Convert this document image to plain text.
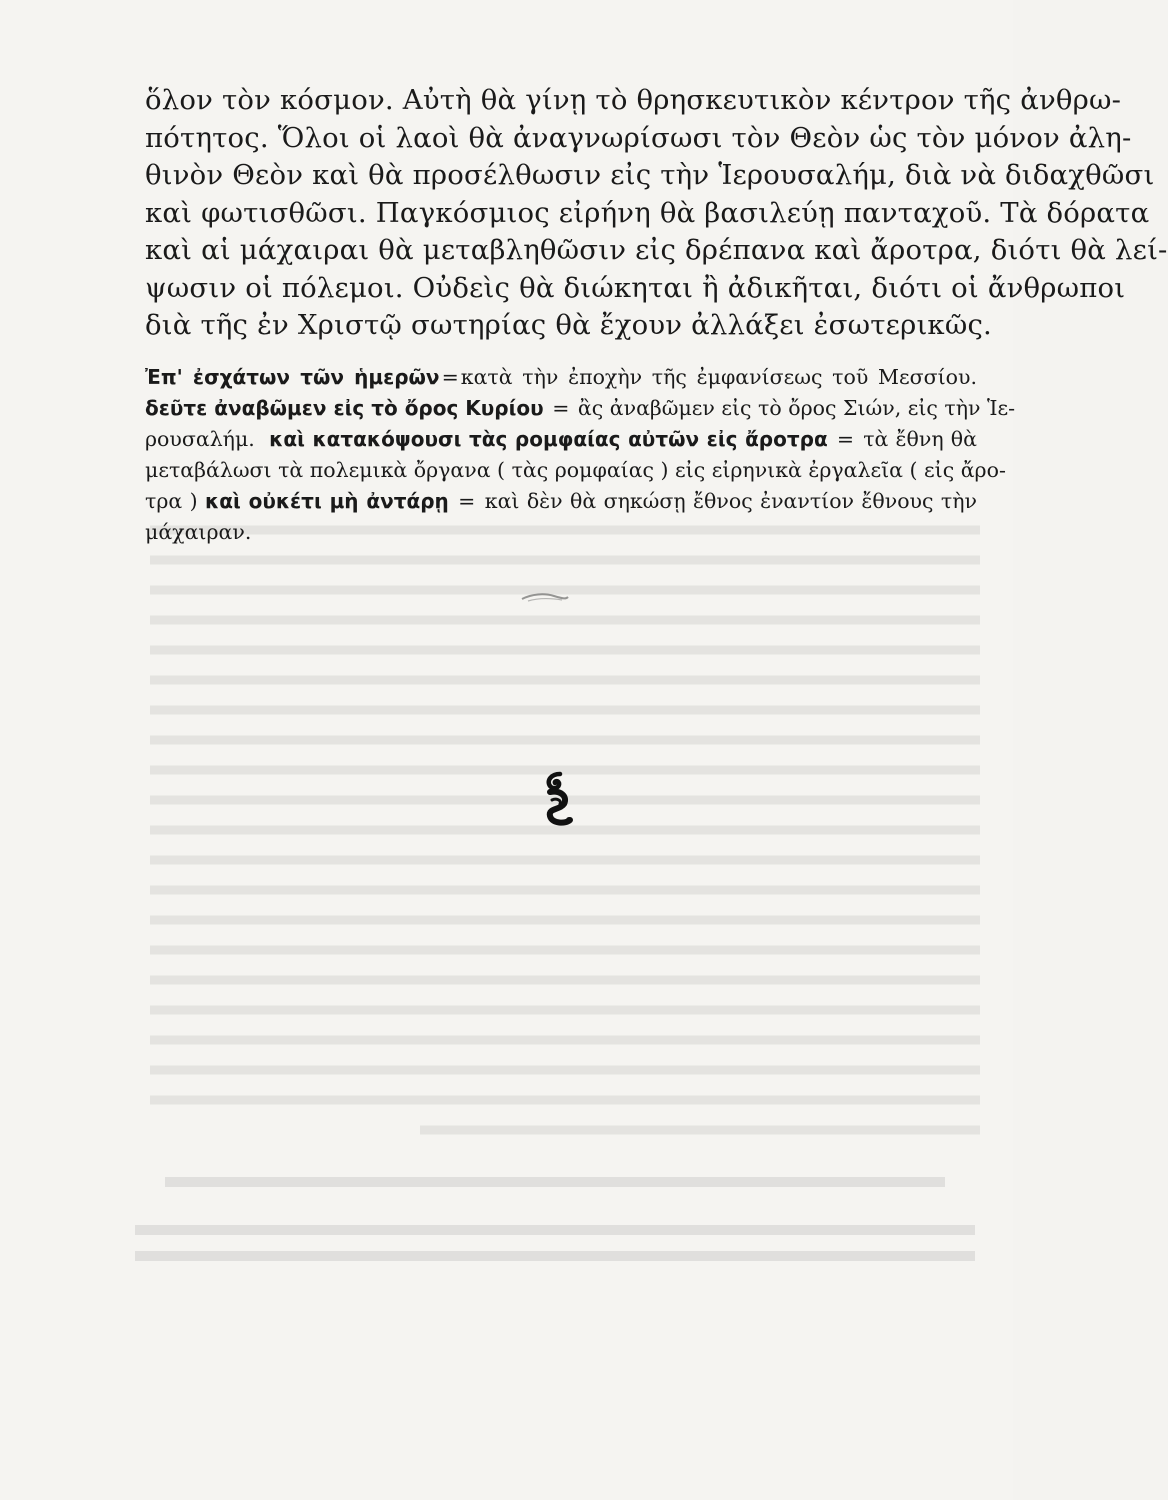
ὅλον τὸν κόσμον. Αὐτὴ θὰ γίνῃ τὸ θρησκευτικὸν κέντρον τῆς ἀνθρω-
πότητος. Ὅλοι οἱ λαοὶ θὰ ἀναγνωρίσωσι τὸν Θεὸν ὡς τὸν μόνον ἀλη-
θινὸν Θεὸν καὶ θὰ προσέλθωσιν εἰς τὴν Ἱερουσαλήμ, διὰ νὰ διδαχθῶσι
καὶ φωτισθῶσι. Παγκόσμιος εἰρήνη θὰ βασιλεύῃ πανταχοῦ. Τὰ δόρατα
καὶ αἱ μάχαιραι θὰ μεταβληθῶσιν εἰς δρέπανα καὶ ἄροτρα, διότι θὰ λεί-
ψωσιν οἱ πόλεμοι. Οὐδεὶς θὰ διώκηται ἢ ἀδικῆται, διότι οἱ ἄνθρωποι
διὰ τῆς ἐν Χριστῷ σωτηρίας θὰ ἔχουν ἀλλάξει ἐσωτερικῶς.
Ἐπ' ἐσχάτων τῶν ἡμερῶν=κατὰ τὴν ἐποχὴν τῆς ἐμφανίσεως τοῦ Μεσσίου.
δεῦτε ἀναβῶμεν εἰς τὸ ὄρος Κυρίου = ἂς ἀναβῶμεν εἰς τὸ ὄρος Σιών, εἰς τὴν Ἱε-
ρουσαλήμ. καὶ κατακόψουσι τὰς ρομφαίας αὐτῶν εἰς ἄροτρα = τὰ ἔθνη θὰ
μεταβάλωσι τὰ πολεμικὰ ὄργανα ( τὰς ρομφαίας ) εἰς εἰρηνικὰ ἐργαλεῖα ( εἰς ἄρο-
τρα ) καὶ οὐκέτι μὴ ἀντάρῃ = καὶ δὲν θὰ σηκώσῃ ἔθνος ἐναντίον ἔθνους τὴν
μάχαιραν.
